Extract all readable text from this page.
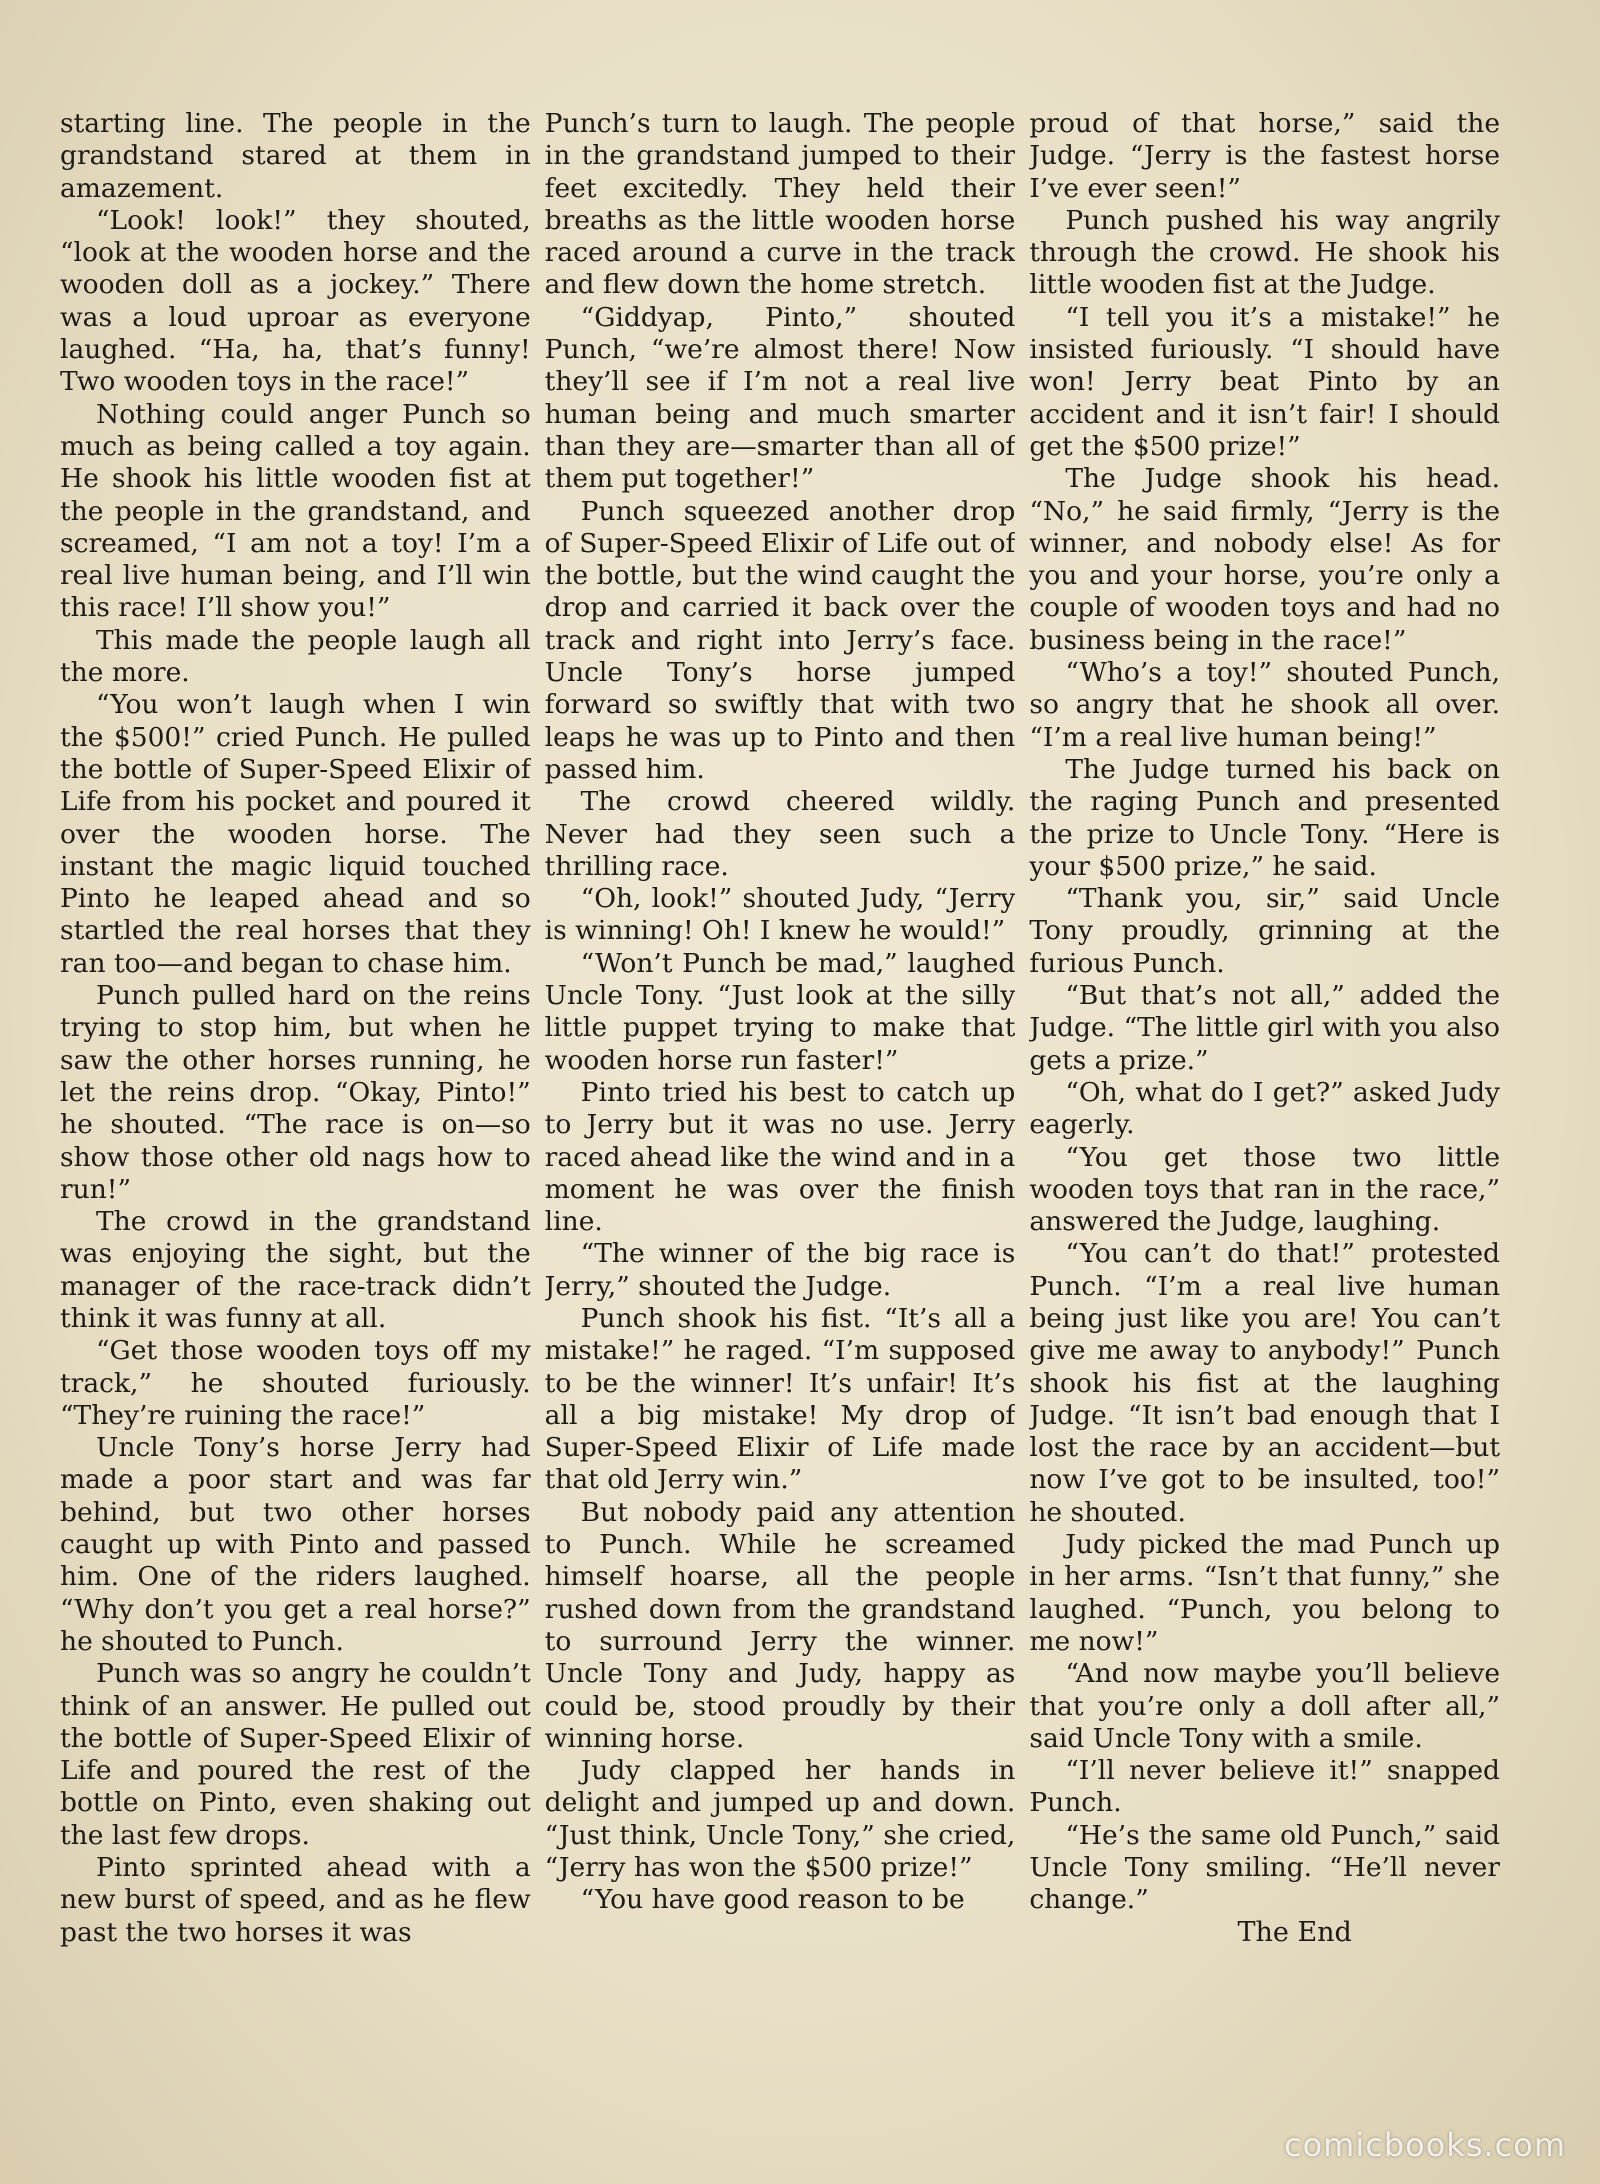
starting line. The people in the grandstand stared at them in amazement.

“Look! look!” they shouted, “look at the wooden horse and the wooden doll as a jockey.” There was a loud uproar as everyone laughed. “Ha, ha, that’s funny! Two wooden toys in the race!”

Nothing could anger Punch so much as being called a toy again. He shook his little wooden fist at the people in the grandstand, and screamed, “I am not a toy! I’m a real live human being, and I’ll win this race! I’ll show you!”

This made the people laugh all the more.

“You won’t laugh when I win the $500!” cried Punch. He pulled the bottle of Super-Speed Elixir of Life from his pocket and poured it over the wooden horse. The instant the magic liquid touched Pinto he leaped ahead and so startled the real horses that they ran too—and began to chase him.

Punch pulled hard on the reins trying to stop him, but when he saw the other horses running, he let the reins drop. “Okay, Pinto!” he shouted. “The race is on—so show those other old nags how to run!”

The crowd in the grandstand was enjoying the sight, but the manager of the race-track didn’t think it was funny at all.

“Get those wooden toys off my track,” he shouted furiously. “They’re ruining the race!”

Uncle Tony’s horse Jerry had made a poor start and was far behind, but two other horses caught up with Pinto and passed him. One of the riders laughed. “Why don’t you get a real horse?” he shouted to Punch.

Punch was so angry he couldn’t think of an answer. He pulled out the bottle of Super-Speed Elixir of Life and poured the rest of the bottle on Pinto, even shaking out the last few drops.

Pinto sprinted ahead with a new burst of speed, and as he flew past the two horses it was

Punch’s turn to laugh. The people in the grandstand jumped to their feet excitedly. They held their breaths as the little wooden horse raced around a curve in the track and flew down the home stretch.

“Giddyap, Pinto,” shouted Punch, “we’re almost there! Now they’ll see if I’m not a real live human being and much smarter than they are—smarter than all of them put together!”

Punch squeezed another drop of Super-Speed Elixir of Life out of the bottle, but the wind caught the drop and carried it back over the track and right into Jerry’s face. Uncle Tony’s horse jumped forward so swiftly that with two leaps he was up to Pinto and then passed him.

The crowd cheered wildly. Never had they seen such a thrilling race.

“Oh, look!” shouted Judy, “Jerry is winning! Oh! I knew he would!”

“Won’t Punch be mad,” laughed Uncle Tony. “Just look at the silly little puppet trying to make that wooden horse run faster!”

Pinto tried his best to catch up to Jerry but it was no use. Jerry raced ahead like the wind and in a moment he was over the finish line.

“The winner of the big race is Jerry,” shouted the Judge.

Punch shook his fist. “It’s all a mistake!” he raged. “I’m supposed to be the winner! It’s unfair! It’s all a big mistake! My drop of Super-Speed Elixir of Life made that old Jerry win.”

But nobody paid any attention to Punch. While he screamed himself hoarse, all the people rushed down from the grandstand to surround Jerry the winner. Uncle Tony and Judy, happy as could be, stood proudly by their winning horse.

Judy clapped her hands in delight and jumped up and down. “Just think, Uncle Tony,” she cried, “Jerry has won the $500 prize!”

“You have good reason to be

proud of that horse,” said the Judge. “Jerry is the fastest horse I’ve ever seen!”

Punch pushed his way angrily through the crowd. He shook his little wooden fist at the Judge.

“I tell you it’s a mistake!” he insisted furiously. “I should have won! Jerry beat Pinto by an accident and it isn’t fair! I should get the $500 prize!”

The Judge shook his head. “No,” he said firmly, “Jerry is the winner, and nobody else! As for you and your horse, you’re only a couple of wooden toys and had no business being in the race!”

“Who’s a toy!” shouted Punch, so angry that he shook all over. “I’m a real live human being!”

The Judge turned his back on the raging Punch and presented the prize to Uncle Tony. “Here is your $500 prize,” he said.

“Thank you, sir,” said Uncle Tony proudly, grinning at the furious Punch.

“But that’s not all,” added the Judge. “The little girl with you also gets a prize.”

“Oh, what do I get?” asked Judy eagerly.

“You get those two little wooden toys that ran in the race,” answered the Judge, laughing.

“You can’t do that!” protested Punch. “I’m a real live human being just like you are! You can’t give me away to anybody!” Punch shook his fist at the laughing Judge. “It isn’t bad enough that I lost the race by an accident—but now I’ve got to be insulted, too!” he shouted.

Judy picked the mad Punch up in her arms. “Isn’t that funny,” she laughed. “Punch, you belong to me now!”

“And now maybe you’ll believe that you’re only a doll after all,” said Uncle Tony with a smile.

“I’ll never believe it!” snapped Punch.

“He’s the same old Punch,” said Uncle Tony smiling. “He’ll never change.”

The End

comicbooks.com
